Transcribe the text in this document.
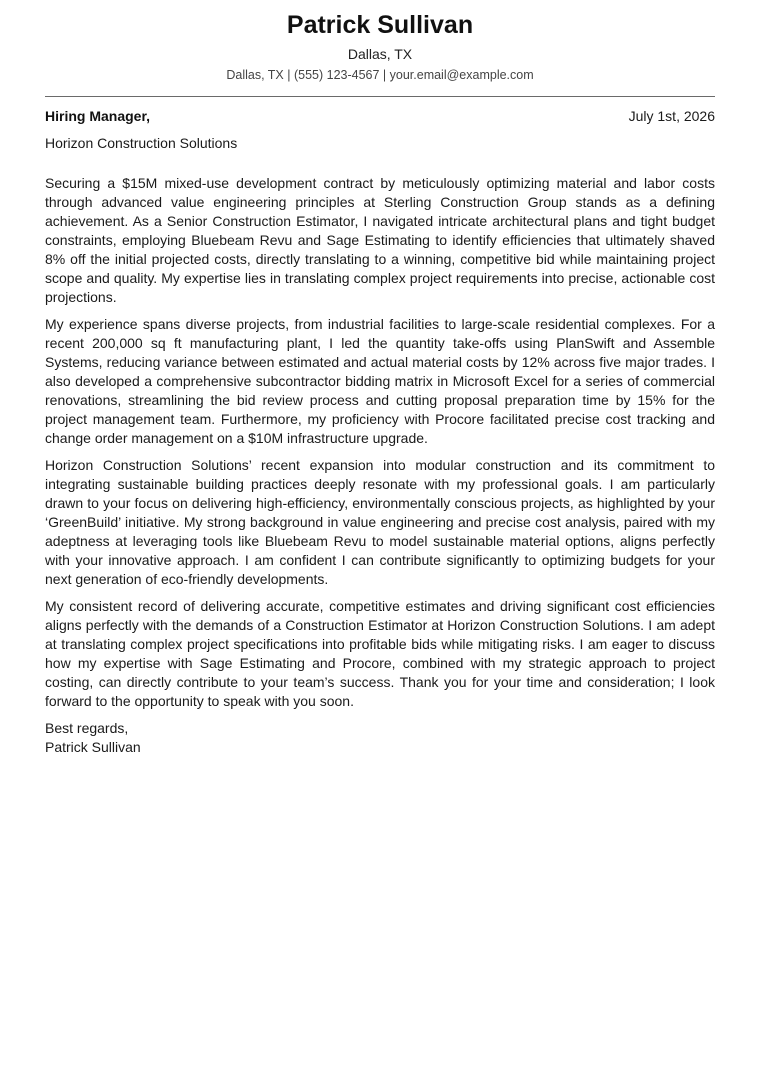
Patrick Sullivan
Dallas, TX
Dallas, TX | (555) 123-4567 | your.email@example.com
Hiring Manager,	July 1st, 2026
Horizon Construction Solutions

Securing a $15M mixed-use development contract by meticulously optimizing material and labor costs through advanced value engineering principles at Sterling Construction Group stands as a defining achievement. As a Senior Construction Estimator, I navigated intricate architectural plans and tight budget constraints, employing Bluebeam Revu and Sage Estimating to identify efficiencies that ultimately shaved 8% off the initial projected costs, directly translating to a winning, competitive bid while maintaining project scope and quality. My expertise lies in translating complex project requirements into precise, actionable cost projections.

My experience spans diverse projects, from industrial facilities to large-scale residential complexes. For a recent 200,000 sq ft manufacturing plant, I led the quantity take-offs using PlanSwift and Assemble Systems, reducing variance between estimated and actual material costs by 12% across five major trades. I also developed a comprehensive subcontractor bidding matrix in Microsoft Excel for a series of commercial renovations, streamlining the bid review process and cutting proposal preparation time by 15% for the project management team. Furthermore, my proficiency with Procore facilitated precise cost tracking and change order management on a $10M infrastructure upgrade.

Horizon Construction Solutions’ recent expansion into modular construction and its commitment to integrating sustainable building practices deeply resonate with my professional goals. I am particularly drawn to your focus on delivering high-efficiency, environmentally conscious projects, as highlighted by your ‘GreenBuild’ initiative. My strong background in value engineering and precise cost analysis, paired with my adeptness at leveraging tools like Bluebeam Revu to model sustainable material options, aligns perfectly with your innovative approach. I am confident I can contribute significantly to optimizing budgets for your next generation of eco-friendly developments.

My consistent record of delivering accurate, competitive estimates and driving significant cost efficiencies aligns perfectly with the demands of a Construction Estimator at Horizon Construction Solutions. I am adept at translating complex project specifications into profitable bids while mitigating risks. I am eager to discuss how my expertise with Sage Estimating and Procore, combined with my strategic approach to project costing, can directly contribute to your team’s success. Thank you for your time and consideration; I look forward to the opportunity to speak with you soon.

Best regards,
Patrick Sullivan
